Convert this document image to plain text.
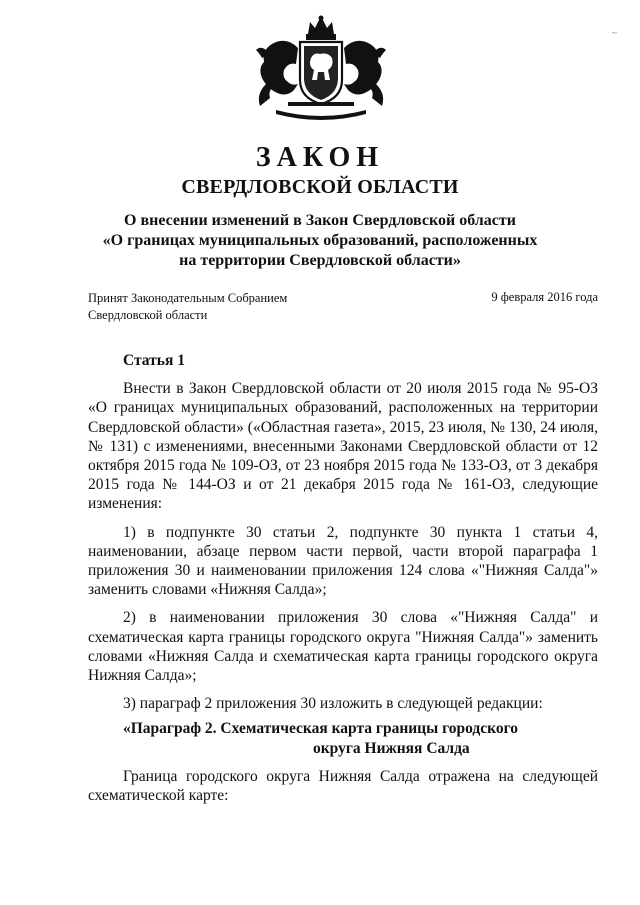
~
ЗАКОН
СВЕРДЛОВСКОЙ ОБЛАСТИ
О внесении изменений в Закон Свердловской области
«О границах муниципальных образований, расположенных
на территории Свердловской области»
Принят Законодательным Собранием
Свердловской области
9 февраля 2016 года

Статья 1

Внести в Закон Свердловской области от 20 июля 2015 года № 95-ОЗ «О границах муниципальных образований, расположенных на территории Свердловской области» («Областная газета», 2015, 23 июля, № 130, 24 июля, № 131) с изменениями, внесенными Законами Свердловской области от 12 октября 2015 года № 109-ОЗ, от 23 ноября 2015 года № 133-ОЗ, от 3 декабря 2015 года № 144-ОЗ и от 21 декабря 2015 года № 161-ОЗ, следующие изменения:

1) в подпункте 30 статьи 2, подпункте 30 пункта 1 статьи 4, наименовании, абзаце первом части первой, части второй параграфа 1 приложения 30 и наименовании приложения 124 слова «"Нижняя Салда"» заменить словами «Нижняя Салда»;

2) в наименовании приложения 30 слова «"Нижняя Салда" и схематическая карта границы городского округа "Нижняя Салда"» заменить словами «Нижняя Салда и схематическая карта границы городского округа Нижняя Салда»;

3) параграф 2 приложения 30 изложить в следующей редакции:

«Параграф 2. Схематическая карта границы городского

округа Нижняя Салда

Граница городского округа Нижняя Салда отражена на следующей схематической карте:
